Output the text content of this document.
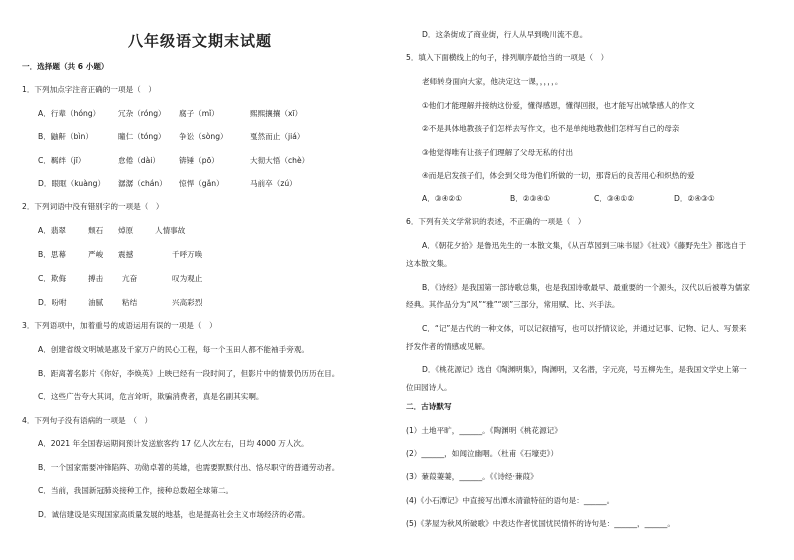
八年级语文期末试题
一．选择题（共 6 小题）
1．下列加点字注音正确的一项是（　）
A．行辈（hóng） 冗杂（róng） 腐子（mǐ）	熙熙攘攘（xī）
B．鼬鼾（bìn）	瞳仁（tóng） 争讼（sòng）	戛然而止（jiá）
C．羁绊（jī）	怠倦（dài）	锛锤（pō）	大彻大悟（chè）
D．眼眶（kuàng） 潺潺（chán） 惊悍（gǎn）	马前卒（zú）
2．下列词语中没有错别字的一项是（　）
A．翡翠	颓石 焯原	人情事故
B．思幕	严峻 震撼	千呼万唤
C．欺侮	搏击 亢奋	叹为观止
D．吩咐	油腻 粘结	兴高彩烈
3．下列语项中，加着重号的成语运用有误的一项是（　）
A．创建省级文明城是惠及千家万户的民心工程，每一个玉田人都不能袖手旁观。
B．距离著名影片《你好，李焕英》上映已经有一段时间了，但影片中的情景仍历历在目。
C．这些广告夸大其词，危言耸听，欺骗消费者，真是名副其实啊。
4．下列句子没有语病的一项是　（　）
A．2021 年全国春运期间预计发送旅客约 17 亿人次左右，日均 4000 万人次。
B．一个国家需要冲锋陷阵、功勋卓著的英雄，也需要默默付出、恪尽职守的普通劳动者。
C．当前，我国新冠肺炎接种工作，接种总数超全球第二。
D．诚信建设是实现国家高质量发展的地基，也是提高社会主义市场经济的必需。
D．这条街成了商业街，行人从早到晚川流不息。
5．填入下面横线上的句子，排列顺序最恰当的一项是（　）
老师转身面向大家，他决定这一课，，，，，。
①他们才能理解并接纳这份爱，懂得感恩，懂得回报，也才能写出城挚感人的作文
②不是具体地教孩子们怎样去写作文，也不是单纯地教他们怎样写自己的母亲
③他觉得唯有让孩子们理解了父母无私的付出
④而是启发孩子们，体会到父母为他们所做的一切，那背后的良苦用心和炽热的爱
A．③④②①	B．②③④①	C．③④①②	D．②④③①
6．下列有关文学常识的表述，不正确的一项是（　）
A．《朝花夕拾》是鲁迅先生的一本散文集，《从百草园到三味书屋》《社戏》《藤野先生》都选自于
这本散文集。
B．《诗经》是我国第一部诗歌总集，也是我国诗歌最早、最重要的一个源头，汉代以后被尊为儒家
经典。其作品分为“风”“雅”“颂”三部分，常用赋、比、兴手法。
C．“记”是古代的一种文体，可以记叙描写，也可以抒情议论，并通过记事、记物、记人、写景来
抒发作者的情感或见解。
D．《桃花源记》选自《陶渊明集》，陶渊明，又名潜，字元亮，号五柳先生，是我国文学史上第一
位田园诗人。
二．古诗默写
(1）土地平旷，______。《陶渊明《桃花源记》
(2）______，如闻泣幽咽。（杜甫《石壕吏》）
(3）蒹葭萋萋，______。《《诗经·蒹葭》
(4)《小石潭记》中直接写出潭水清澈特征的语句是：______。
(5)《茅屋为秋风所破歌》中表达作者忧国忧民情怀的诗句是：______，______。
